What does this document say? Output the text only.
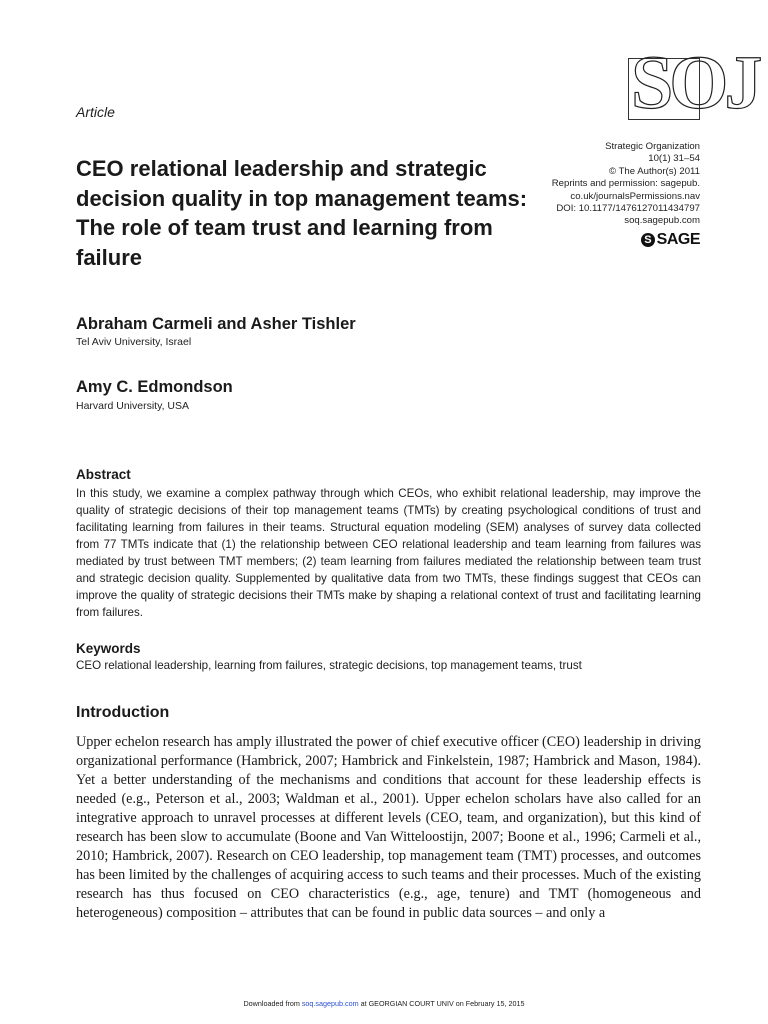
SOJ
Article
Strategic Organization
10(1) 31–54
© The Author(s) 2011
Reprints and permission: sagepub.
co.uk/journalsPermissions.nav
DOI: 10.1177/1476127011434797
soq.sagepub.com
S SAGE
CEO relational leadership and strategic decision quality in top management teams: The role of team trust and learning from failure
Abraham Carmeli and Asher Tishler
Tel Aviv University, Israel
Amy C. Edmondson
Harvard University, USA
Abstract
In this study, we examine a complex pathway through which CEOs, who exhibit relational leadership, may improve the quality of strategic decisions of their top management teams (TMTs) by creating psychological conditions of trust and facilitating learning from failures in their teams. Structural equation modeling (SEM) analyses of survey data collected from 77 TMTs indicate that (1) the relationship between CEO relational leadership and team learning from failures was mediated by trust between TMT members; (2) team learning from failures mediated the relationship between team trust and strategic decision quality. Supplemented by qualitative data from two TMTs, these findings suggest that CEOs can improve the quality of strategic decisions their TMTs make by shaping a relational context of trust and facilitating learning from failures.
Keywords
CEO relational leadership, learning from failures, strategic decisions, top management teams, trust
Introduction
Upper echelon research has amply illustrated the power of chief executive officer (CEO) leadership in driving organizational performance (Hambrick, 2007; Hambrick and Finkelstein, 1987; Hambrick and Mason, 1984). Yet a better understanding of the mechanisms and conditions that account for these leadership effects is needed (e.g., Peterson et al., 2003; Waldman et al., 2001). Upper echelon scholars have also called for an integrative approach to unravel processes at different levels (CEO, team, and organization), but this kind of research has been slow to accumulate (Boone and Van Witteloostijn, 2007; Boone et al., 1996; Carmeli et al., 2010; Hambrick, 2007). Research on CEO leadership, top management team (TMT) processes, and outcomes has been limited by the challenges of acquiring access to such teams and their processes. Much of the existing research has thus focused on CEO characteristics (e.g., age, tenure) and TMT (homogeneous and heterogeneous) composition – attributes that can be found in public data sources – and only a
Downloaded from soq.sagepub.com at GEORGIAN COURT UNIV on February 15, 2015
